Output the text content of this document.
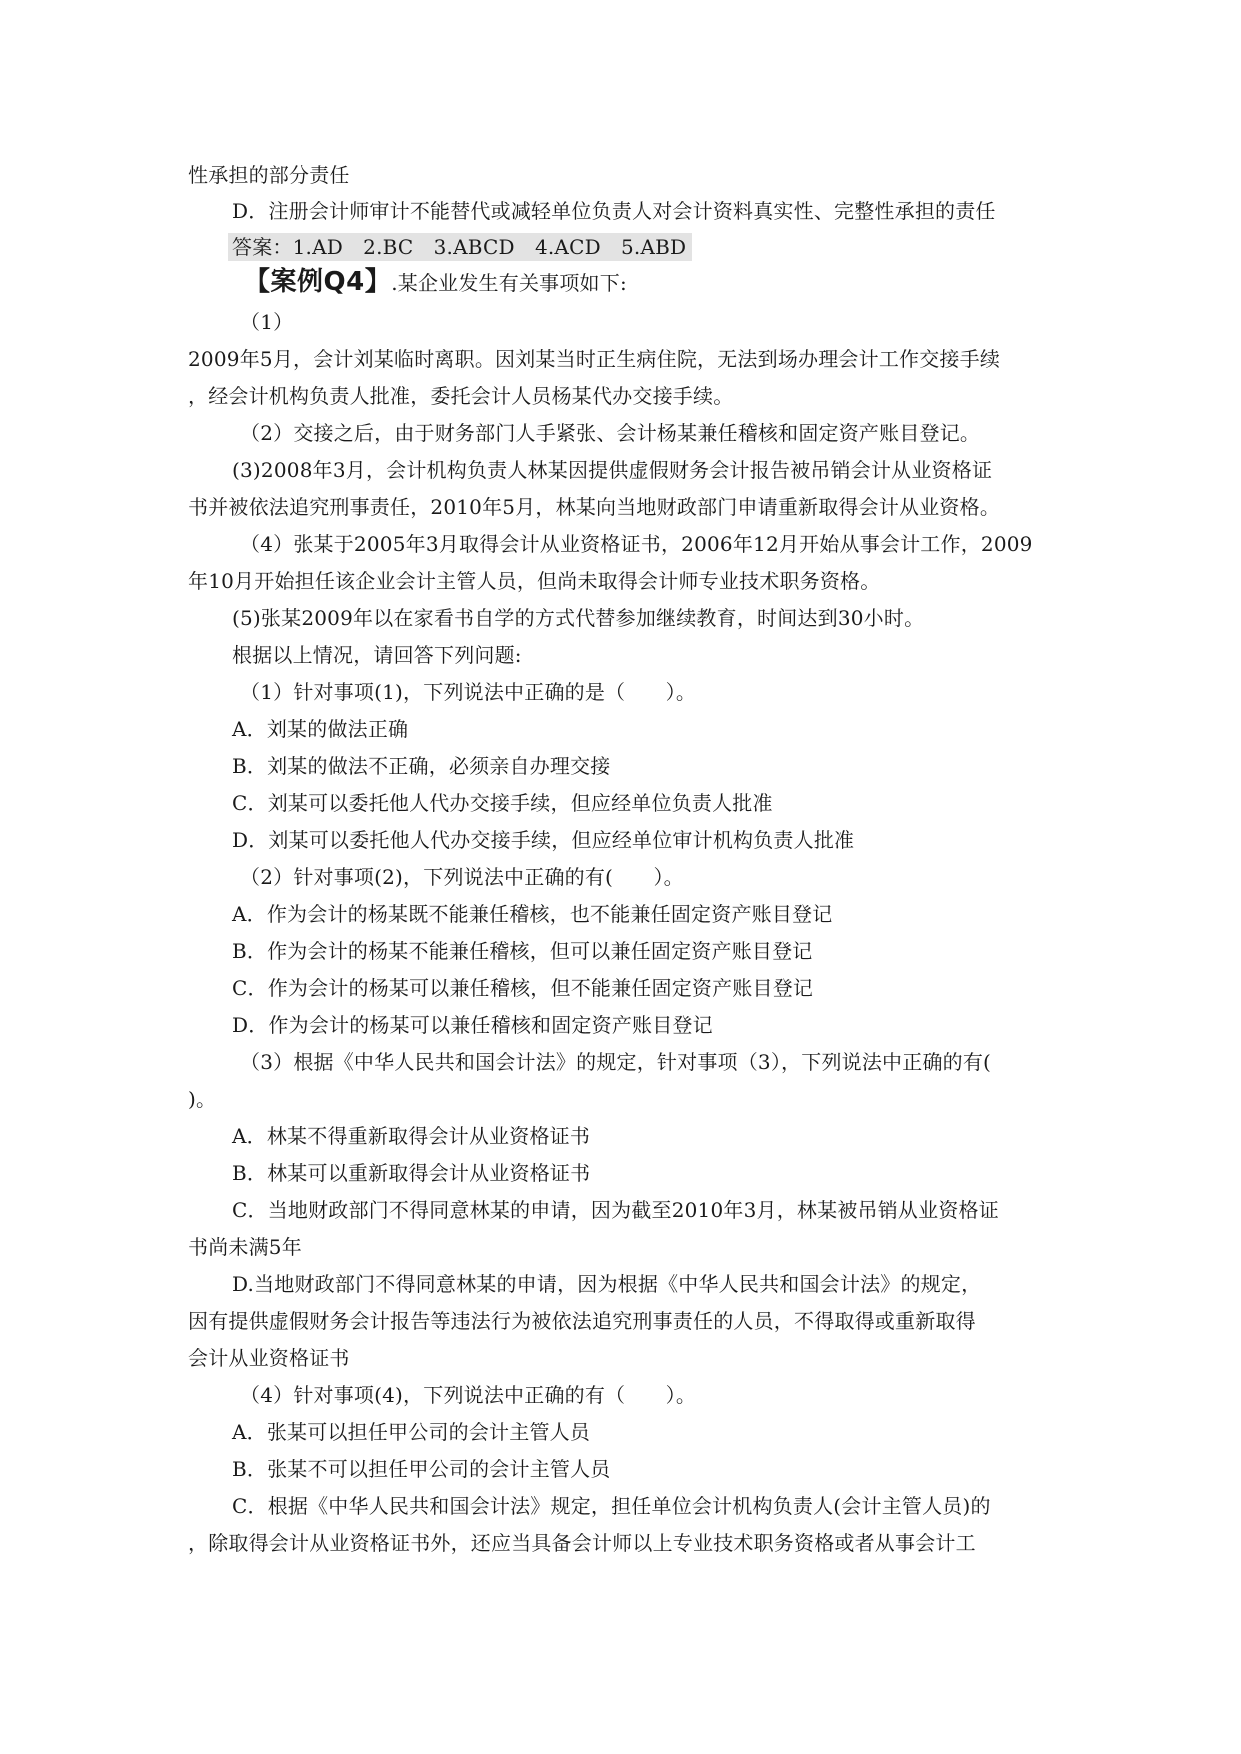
性承担的部分责任
D．注册会计师审计不能替代或减轻单位负责人对会计资料真实性、完整性承担的责任
答案：1.AD　2.BC　3.ABCD　4.ACD　5.ABD
【案例Q4】.某企业发生有关事项如下:
（1）
2009年5月，会计刘某临时离职。因刘某当时正生病住院，无法到场办理会计工作交接手续
，经会计机构负责人批准，委托会计人员杨某代办交接手续。
（2）交接之后，由于财务部门人手紧张、会计杨某兼任稽核和固定资产账目登记。
(3)2008年3月，会计机构负责人林某因提供虚假财务会计报告被吊销会计从业资格证
书并被依法追究刑事责任，2010年5月，林某向当地财政部门申请重新取得会计从业资格。
（4）张某于2005年3月取得会计从业资格证书，2006年12月开始从事会计工作，2009
年10月开始担任该企业会计主管人员，但尚未取得会计师专业技术职务资格。
(5)张某2009年以在家看书自学的方式代替参加继续教育，时间达到30小时。
根据以上情况，请回答下列问题:
（1）针对事项(1)，下列说法中正确的是（　　）。
A．刘某的做法正确
B．刘某的做法不正确，必须亲自办理交接
C．刘某可以委托他人代办交接手续，但应经单位负责人批准
D．刘某可以委托他人代办交接手续，但应经单位审计机构负责人批准
（2）针对事项(2)，下列说法中正确的有(　　）。
A．作为会计的杨某既不能兼任稽核，也不能兼任固定资产账目登记
B．作为会计的杨某不能兼任稽核，但可以兼任固定资产账目登记
C．作为会计的杨某可以兼任稽核，但不能兼任固定资产账目登记
D．作为会计的杨某可以兼任稽核和固定资产账目登记
（3）根据《中华人民共和国会计法》的规定，针对事项（3），下列说法中正确的有(
)。
A．林某不得重新取得会计从业资格证书
B．林某可以重新取得会计从业资格证书
C．当地财政部门不得同意林某的申请，因为截至2010年3月，林某被吊销从业资格证
书尚未满5年
D.当地财政部门不得同意林某的申请，因为根据《中华人民共和国会计法》的规定，
因有提供虚假财务会计报告等违法行为被依法追究刑事责任的人员，不得取得或重新取得
会计从业资格证书
（4）针对事项(4)，下列说法中正确的有（　　）。
A．张某可以担任甲公司的会计主管人员
B．张某不可以担任甲公司的会计主管人员
C．根据《中华人民共和国会计法》规定，担任单位会计机构负责人(会计主管人员)的
，除取得会计从业资格证书外，还应当具备会计师以上专业技术职务资格或者从事会计工
